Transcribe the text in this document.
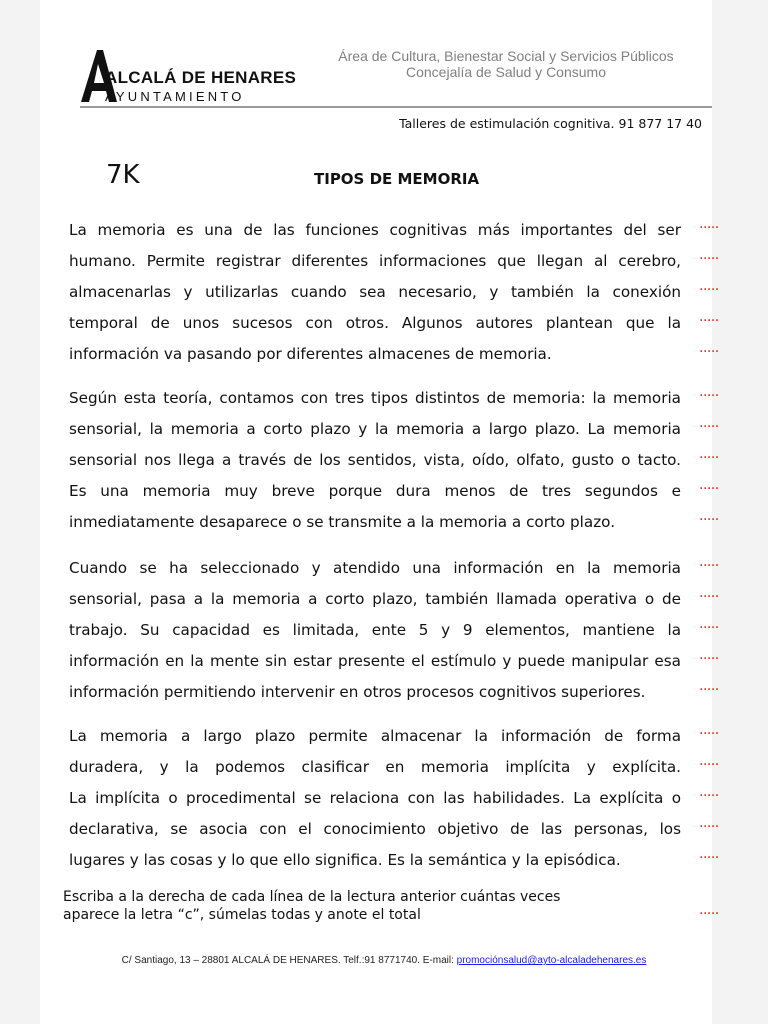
ALCALÁ DE HENARES
AYUNTAMIENTO
Área de Cultura, Bienestar Social y Servicios Públicos
Concejalía de Salud y Consumo
Talleres de estimulación cognitiva. 91 877 17 40
7K	TIPOS DE MEMORIA
La memoria es una de las funciones cognitivas más importantes del ser
humano. Permite registrar diferentes informaciones que llegan al cerebro,
almacenarlas y utilizarlas cuando sea necesario, y también la conexión
temporal de unos sucesos con otros. Algunos autores plantean que la
información va pasando por diferentes almacenes de memoria.
Según esta teoría, contamos con tres tipos distintos de memoria: la memoria
sensorial, la memoria a corto plazo y la memoria a largo plazo. La memoria
sensorial nos llega a través de los sentidos, vista, oído, olfato, gusto o tacto.
Es una memoria muy breve porque dura menos de tres segundos e
inmediatamente desaparece o se transmite a la memoria a corto plazo.
Cuando se ha seleccionado y atendido una información en la memoria
sensorial, pasa a la memoria a corto plazo, también llamada operativa o de
trabajo. Su capacidad es limitada, ente 5 y 9 elementos, mantiene la
información en la mente sin estar presente el estímulo y puede manipular esa
información permitiendo intervenir en otros procesos cognitivos superiores.
La memoria a largo plazo permite almacenar la información de forma
duradera, y la podemos clasificar en memoria implícita y explícita.
La implícita o procedimental se relaciona con las habilidades. La explícita o
declarativa, se asocia con el conocimiento objetivo de las personas, los
lugares y las cosas y lo que ello significa. Es la semántica y la episódica.
.....
.....
.....
.....
.....
.....
.....
.....
.....
.....
.....
.....
.....
.....
.....
.....
.....
.....
.....
.....
.....
Escriba a la derecha de cada línea de la lectura anterior cuántas veces
aparece la letra “c”, súmelas todas y anote el total
C/ Santiago, 13 – 28801 ALCALÁ DE HENARES. Telf.:91 8771740. E-mail: promociónsalud@ayto-alcaladehenares.es
